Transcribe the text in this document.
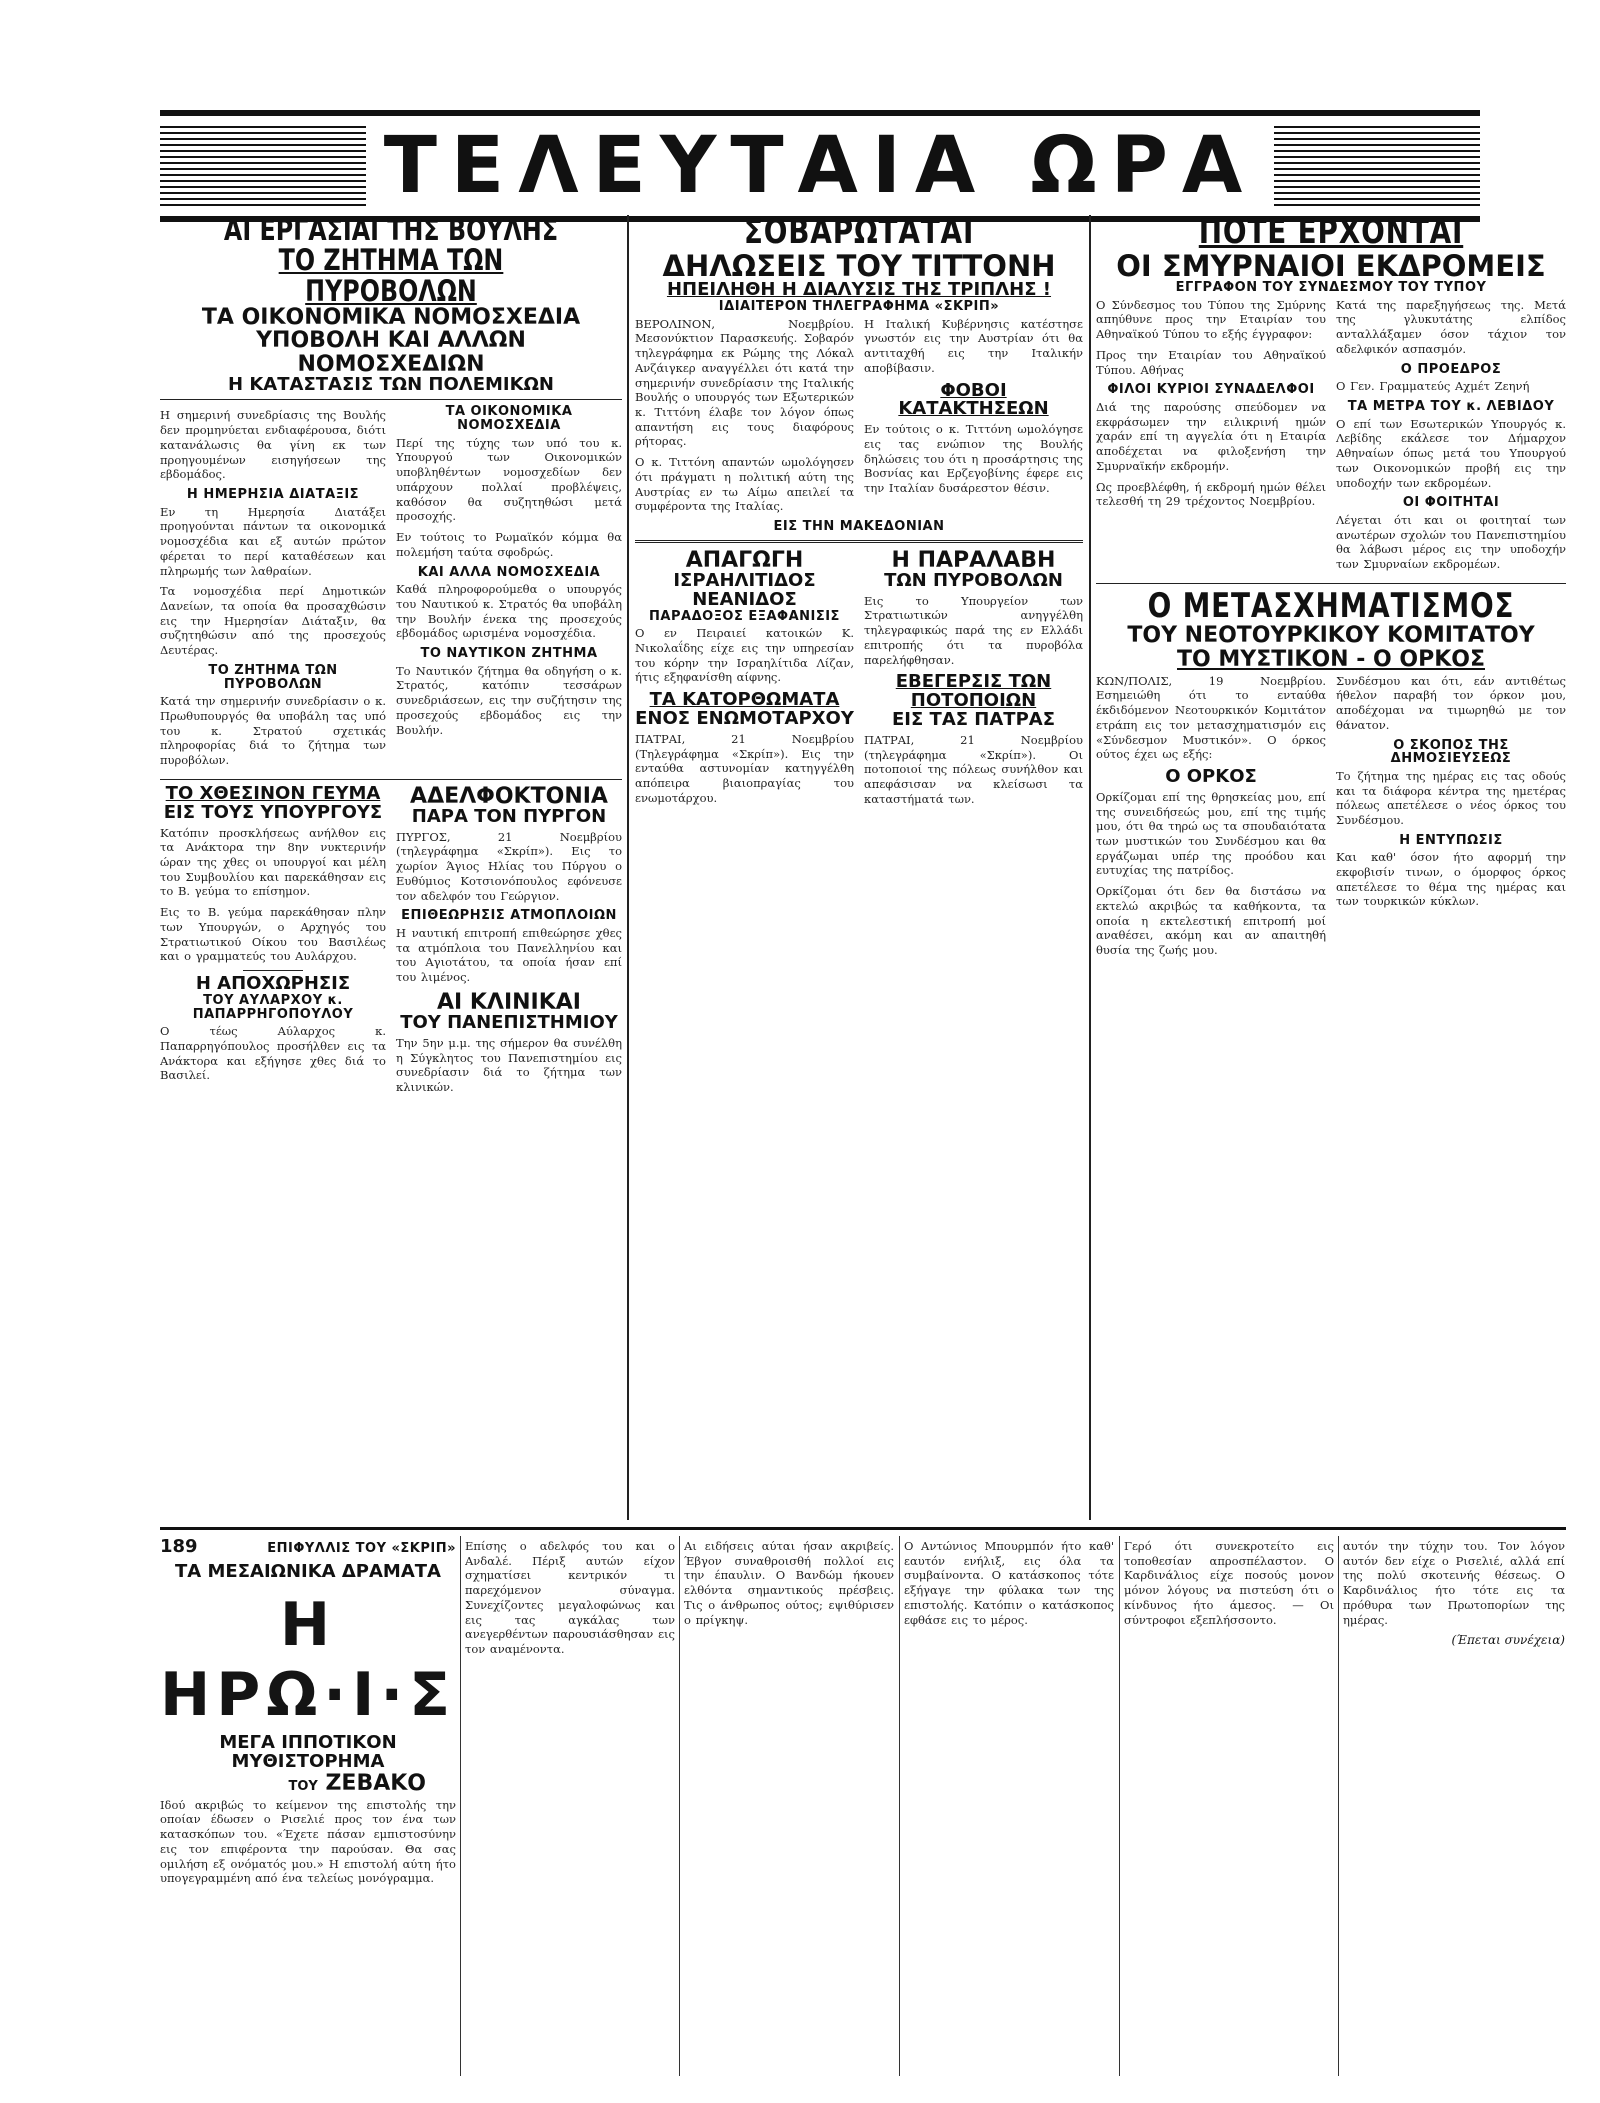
ΤΕΛΕΥΤΑΙΑ ΩΡΑ

ΑΙ ΕΡΓΑΣΙΑΙ ΤΗΣ ΒΟΥΛΗΣ

ΤΟ ΖΗΤΗΜΑ ΤΩΝ ΠΥΡΟΒΟΛΩΝ

ΤΑ ΟΙΚΟΝΟΜΙΚΑ ΝΟΜΟΣΧΕΔΙΑ

ΥΠΟΒΟΛΗ ΚΑΙ ΑΛΛΩΝ ΝΟΜΟΣΧΕΔΙΩΝ

Η ΚΑΤΑΣΤΑΣΙΣ ΤΩΝ ΠΟΛΕΜΙΚΩΝ

Η σημερινή συνεδρίασις της Βουλής δεν προμηνύεται ενδιαφέρουσα, διότι κατανάλωσις θα γίνη εκ των προηγουμένων εισηγήσεων της εβδομάδος.

Η ΗΜΕΡΗΣΙΑ ΔΙΑΤΑΞΙΣ

Εν τη Ημερησία Διατάξει προηγούνται πάντων τα οικονομικά νομοσχέδια και εξ αυτών πρώτον φέρεται το περί καταθέσεων και πληρωμής των λαθραίων.

Τα νομοσχέδια περί Δημοτικών Δανείων, τα οποία θα προσαχθώσιν εις την Ημερησίαν Διάταξιν, θα συζητηθώσιν από της προσεχούς Δευτέρας.

ΤΟ ΖΗΤΗΜΑ ΤΩΝ ΠΥΡΟΒΟΛΩΝ

Κατά την σημερινήν συνεδρίασιν ο κ. Πρωθυπουργός θα υποβάλη τας υπό του κ. Στρατού σχετικάς πληροφορίας διά το ζήτημα των πυροβόλων.

ΤΑ ΟΙΚΟΝΟΜΙΚΑ ΝΟΜΟΣΧΕΔΙΑ

Περί της τύχης των υπό του κ. Υπουργού των Οικονομικών υποβληθέντων νομοσχεδίων δεν υπάρχουν πολλαί προβλέψεις, καθόσον θα συζητηθώσι μετά προσοχής.

Εν τούτοις το Ρωμαϊκόν κόμμα θα πολεμήση ταύτα σφοδρώς.

ΚΑΙ ΑΛΛΑ ΝΟΜΟΣΧΕΔΙΑ

Καθά πληροφορούμεθα ο υπουργός του Ναυτικού κ. Στρατός θα υποβάλη την Βουλήν ένεκα της προσεχούς εβδομάδος ωρισμένα νομοσχέδια.

ΤΟ ΝΑΥΤΙΚΟΝ ΖΗΤΗΜΑ

Το Ναυτικόν ζήτημα θα οδηγήση ο κ. Στρατός, κατόπιν τεσσάρων συνεδριάσεων, εις την συζήτησιν της προσεχούς εβδομάδος εις την Βουλήν.

ΤΟ ΧΘΕΣΙΝΟΝ ΓΕΥΜΑ

ΕΙΣ ΤΟΥΣ ΥΠΟΥΡΓΟΥΣ

Κατόπιν προσκλήσεως ανήλθον εις τα Ανάκτορα την 8ην νυκτερινήν ώραν της χθες οι υπουργοί και μέλη του Συμβουλίου και παρεκάθησαν εις το Β. γεύμα το επίσημον.

Εις το Β. γεύμα παρεκάθησαν πλην των Υπουργών, ο Αρχηγός του Στρατιωτικού Οίκου του Βασιλέως και ο γραμματεύς του Αυλάρχου.

Η ΑΠΟΧΩΡΗΣΙΣ

ΤΟΥ ΑΥΛΑΡΧΟΥ κ. ΠΑΠΑΡΡΗΓΟΠΟΥΛΟΥ

Ο τέως Αύλαρχος κ. Παπαρρηγόπουλος προσήλθεν εις τα Ανάκτορα και εξήγησε χθες διά το Βασιλεί.

ΑΔΕΛΦΟΚΤΟΝΙΑ

ΠΑΡΑ ΤΟΝ ΠΥΡΓΟΝ

ΠΥΡΓΟΣ, 21 Νοεμβρίου (τηλεγράφημα «Σκρίπ»). Εις το χωρίον Άγιος Ηλίας του Πύργου ο Ευθύμιος Κοτσιονόπουλος εφόνευσε τον αδελφόν του Γεώργιον.

ΕΠΙΘΕΩΡΗΣΙΣ ΑΤΜΟΠΛΟΙΩΝ

Η ναυτική επιτροπή επιθεώρησε χθες τα ατμόπλοια του Πανελληνίου και του Αγιοτάτου, τα οποία ήσαν επί του λιμένος.

ΑΙ ΚΛΙΝΙΚΑΙ

ΤΟΥ ΠΑΝΕΠΙΣΤΗΜΙΟΥ

Την 5ην μ.μ. της σήμερον θα συνέλθη η Σύγκλητος του Πανεπιστημίου εις συνεδρίασιν διά το ζήτημα των κλινικών.

ΣΟΒΑΡΩΤΑΤΑΙ

ΔΗΛΩΣΕΙΣ ΤΟΥ ΤΙΤΤΟΝΗ

ΗΠΕΙΛΗΘΗ Η ΔΙΑΛΥΣΙΣ ΤΗΣ ΤΡΙΠΛΗΣ !

ΙΔΙΑΙΤΕΡΟΝ ΤΗΛΕΓΡΑΦΗΜΑ «ΣΚΡΙΠ»

ΒΕΡΟΛΙΝΟΝ, Νοεμβρίου. Μεσονύκτιον Παρασκευής. Σοβαρόν τηλεγράφημα εκ Ρώμης της Λόκαλ Ανζάιγκερ αναγγέλλει ότι κατά την σημερινήν συνεδρίασιν της Ιταλικής Βουλής ο υπουργός των Εξωτερικών κ. Τιττόνη έλαβε τον λόγον όπως απαντήση εις τους διαφόρους ρήτορας.

Ο κ. Τιττόνη απαντών ωμολόγησεν ότι πράγματι η πολιτική αύτη της Αυστρίας εν τω Αίμω απειλεί τα συμφέροντα της Ιταλίας.

Η Ιταλική Κυβέρνησις κατέστησε γνωστόν εις την Αυστρίαν ότι θα αντιταχθή εις την Ιταλικήν αποβίβασιν.

ΦΟΒΟΙ ΚΑΤΑΚΤΗΣΕΩΝ

Εν τούτοις ο κ. Τιττόνη ωμολόγησε εις τας ενώπιον της Βουλής δηλώσεις του ότι η προσάρτησις της Βοσνίας και Ερζεγοβίνης έφερε εις την Ιταλίαν δυσάρεστον θέσιν.

ΕΙΣ ΤΗΝ ΜΑΚΕΔΟΝΙΑΝ

ΑΠΑΓΩΓΗ

ΙΣΡΑΗΛΙΤΙΔΟΣ ΝΕΑΝΙΔΟΣ

ΠΑΡΑΔΟΞΟΣ ΕΞΑΦΑΝΙΣΙΣ

Ο εν Πειραιεί κατοικών Κ. Νικολαΐδης είχε εις την υπηρεσίαν του κόρην την Ισραηλίτιδα Λίζαν, ήτις εξηφανίσθη αίφνης.

ΤΑ ΚΑΤΟΡΘΩΜΑΤΑ

ΕΝΟΣ ΕΝΩΜΟΤΑΡΧΟΥ

ΠΑΤΡΑΙ, 21 Νοεμβρίου (Τηλεγράφημα «Σκρίπ»). Εις την ενταύθα αστυνομίαν κατηγγέλθη απόπειρα βιαιοπραγίας του ενωμοτάρχου.

Η ΠΑΡΑΛΑΒΗ

ΤΩΝ ΠΥΡΟΒΟΛΩΝ

Εις το Υπουργείον των Στρατιωτικών ανηγγέλθη τηλεγραφικώς παρά της εν Ελλάδι επιτροπής ότι τα πυροβόλα παρελήφθησαν.

ΕΒΕΓΕΡΣΙΣ ΤΩΝ ΠΟΤΟΠΟΙΩΝ

ΕΙΣ ΤΑΣ ΠΑΤΡΑΣ

ΠΑΤΡΑΙ, 21 Νοεμβρίου (τηλεγράφημα «Σκρίπ»). Οι ποτοποιοί της πόλεως συνήλθον και απεφάσισαν να κλείσωσι τα καταστήματά των.

ΠΟΤΕ ΕΡΧΟΝΤΑΙ

ΟΙ ΣΜΥΡΝΑΙΟΙ ΕΚΔΡΟΜΕΙΣ

ΕΓΓΡΑΦΟΝ ΤΟΥ ΣΥΝΔΕΣΜΟΥ ΤΟΥ ΤΥΠΟΥ

Ο Σύνδεσμος του Τύπου της Σμύρνης απηύθυνε προς την Εταιρίαν του Αθηναϊκού Τύπου το εξής έγγραφον:

Προς την Εταιρίαν του Αθηναϊκού Τύπου. Αθήνας

ΦΙΛΟΙ ΚΥΡΙΟΙ ΣΥΝΑΔΕΛΦΟΙ

Διά της παρούσης σπεύδομεν να εκφράσωμεν την ειλικρινή ημών χαράν επί τη αγγελία ότι η Εταιρία αποδέχεται να φιλοξενήση την Σμυρναϊκήν εκδρομήν.

Ως προεβλέφθη, ή εκδρομή ημών θέλει τελεσθή τη 29 τρέχοντος Νοεμβρίου.

Κατά της παρεξηγήσεως της. Μετά της γλυκυτάτης ελπίδος ανταλλάξαμεν όσον τάχιον τον αδελφικόν ασπασμόν.

Ο ΠΡΟΕΔΡΟΣ

Ο Γεν. Γραμματεύς Αχμέτ Ζεηνή

ΤΑ ΜΕΤΡΑ ΤΟΥ κ. ΛΕΒΙΔΟΥ

Ο επί των Εσωτερικών Υπουργός κ. Λεβίδης εκάλεσε τον Δήμαρχον Αθηναίων όπως μετά του Υπουργού των Οικονομικών προβή εις την υποδοχήν των εκδρομέων.

ΟΙ ΦΟΙΤΗΤΑΙ

Λέγεται ότι και οι φοιτηταί των ανωτέρων σχολών του Πανεπιστημίου θα λάβωσι μέρος εις την υποδοχήν των Σμυρναίων εκδρομέων.

Ο ΜΕΤΑΣΧΗΜΑΤΙΣΜΟΣ

ΤΟΥ ΝΕΟΤΟΥΡΚΙΚΟΥ ΚΟΜΙΤΑΤΟΥ

ΤΟ ΜΥΣΤΙΚΟΝ - Ο ΟΡΚΟΣ

ΚΩΝ/ΠΟΛΙΣ, 19 Νοεμβρίου. Εσημειώθη ότι το ενταύθα έκδιδόμενον Νεοτουρκικόν Κομιτάτον ετράπη εις τον μετασχηματισμόν εις «Σύνδεσμον Μυστικόν». Ο όρκος ούτος έχει ως εξής:

Ο ΟΡΚΟΣ

Ορκίζομαι επί της θρησκείας μου, επί της συνειδήσεώς μου, επί της τιμής μου, ότι θα τηρώ ως τα σπουδαιότατα των μυστικών του Συνδέσμου και θα εργάζωμαι υπέρ της προόδου και ευτυχίας της πατρίδος.

Ορκίζομαι ότι δεν θα διστάσω να εκτελώ ακριβώς τα καθήκοντα, τα οποία η εκτελεστική επιτροπή μοί αναθέσει, ακόμη και αν απαιτηθή θυσία της ζωής μου.

Συνδέσμου και ότι, εάν αντιθέτως ήθελον παραβή τον όρκον μου, αποδέχομαι να τιμωρηθώ με τον θάνατον.

Ο ΣΚΟΠΟΣ ΤΗΣ ΔΗΜΟΣΙΕΥΣΕΩΣ

Το ζήτημα της ημέρας εις τας οδούς και τα διάφορα κέντρα της ημετέρας πόλεως απετέλεσε ο νέος όρκος του Συνδέσμου.

Η ΕΝΤΥΠΩΣΙΣ

Και καθ' όσον ήτο αφορμή την εκφοβισίν τινων, ο όμορφος όρκος απετέλεσε το θέμα της ημέρας και των τουρκικών κύκλων.

189	ΕΠΙΦΥΛΛΙΣ ΤΟΥ «ΣΚΡΙΠ»

ΤΑ ΜΕΣΑΙΩΝΙΚΑ ΔΡΑΜΑΤΑ

Η ΗΡΩ·Ι·Σ

ΜΕΓΑ ΙΠΠΟΤΙΚΟΝ ΜΥΘΙΣΤΟΡΗΜΑ

ΤΟΥ ΖΕΒΑΚΟ

Ιδού ακριβώς το κείμενον της επιστολής την οποίαν έδωσεν ο Ρισελιέ προς τον ένα των κατασκόπων του. «Έχετε πάσαν εμπιστοσύνην εις τον επιφέροντα την παρούσαν. Θα σας ομιλήση εξ ονόματός μου.» Η επιστολή αύτη ήτο υπογεγραμμένη από ένα τελείως μονόγραμμα.

Επίσης ο αδελφός του και ο Ανδαλέ. Πέριξ αυτών είχον σχηματίσει κεντρικόν τι παρεχόμενον σύναγμα. Συνεχίζοντες μεγαλοφώνως και εις τας αγκάλας των ανεγερθέντων παρουσιάσθησαν εις τον αναμένοντα.

Αι ειδήσεις αύται ήσαν ακριβείς. Έβγον συναθροισθή πολλοί εις την έπαυλιν. Ο Βανδώμ ήκουεν ελθόντα σημαντικούς πρέσβεις. Τις ο άνθρωπος ούτος; εψιθύρισεν ο πρίγκηψ.

Ο Αντώνιος Μπουρμπόν ήτο καθ' εαυτόν ενήλιξ, εις όλα τα συμβαίνοντα. Ο κατάσκοπος τότε εξήγαγε την φύλακα των της επιστολής. Κατόπιν ο κατάσκοπος εφθάσε εις το μέρος.

Γερό ότι συνεκροτείτο εις τοποθεσίαν απροσπέλαστον. Ο Καρδινάλιος είχε ποσούς μονον μόνον λόγους να πιστεύση ότι ο κίνδυνος ήτο άμεσος. — Οι σύντροφοι εξεπλήσσοντο.

αυτόν την τύχην του. Τον λόγον αυτόν δεν είχε ο Ρισελιέ, αλλά επί της πολύ σκοτεινής θέσεως. Ο Καρδινάλιος ήτο τότε εις τα πρόθυρα των Πρωτοπορίων της ημέρας.

(Έπεται συνέχεια)
